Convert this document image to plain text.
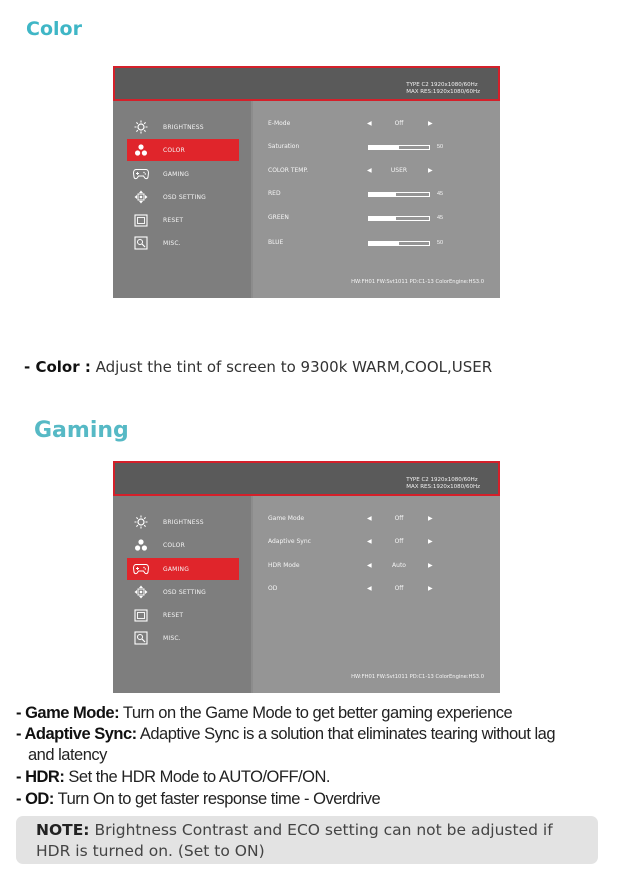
Color
TYPE C2 1920x1080/60Hz
MAX RES:1920x1080/60Hz
BRIGHTNESS
COLOR
GAMING
OSD SETTING
RESET
MISC.
E-Mode	◀	Off	▶
Saturation	50
COLOR TEMP.	◀	USER	▶
RED	45
GREEN	45
BLUE	50
HW:FH01 FW:Svt1011 PD:C1-13 ColorEngine:HS3.0
- Color : Adjust the tint of screen to 9300k WARM,COOL,USER
Gaming
TYPE C2 1920x1080/60Hz
MAX RES:1920x1080/60Hz
BRIGHTNESS
COLOR
GAMING
OSD SETTING
RESET
MISC.
Game Mode	◀	Off	▶
Adaptive Sync	◀	Off	▶
HDR Mode	◀	Auto	▶
OD	◀	Off	▶
HW:FH01 FW:Svt1011 PD:C1-13 ColorEngine:HS3.0
- Game Mode: Turn on the Game Mode to get better gaming experience
- Adaptive Sync: Adaptive Sync is a solution that eliminates tearing without lag
and latency
- HDR: Set the HDR Mode to AUTO/OFF/ON.
- OD: Turn On to get faster response time - Overdrive
NOTE: Brightness Contrast and ECO setting can not be adjusted if
HDR is turned on. (Set to ON)
